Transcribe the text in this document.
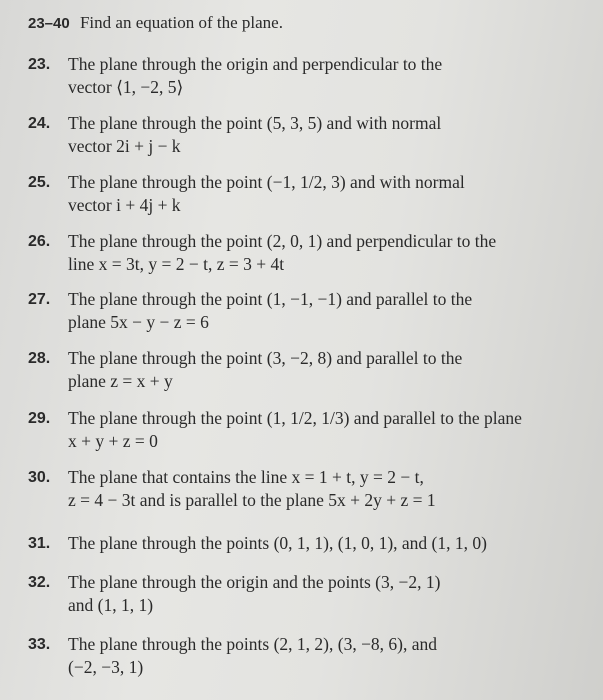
23–40 Find an equation of the plane.
23. The plane through the origin and perpendicular to the
vector ⟨1, −2, 5⟩
24. The plane through the point (5, 3, 5) and with normal
vector 2i + j − k
25. The plane through the point (−1, 1/2, 3) and with normal
vector i + 4j + k
26. The plane through the point (2, 0, 1) and perpendicular to the
line x = 3t, y = 2 − t, z = 3 + 4t
27. The plane through the point (1, −1, −1) and parallel to the
plane 5x − y − z = 6
28. The plane through the point (3, −2, 8) and parallel to the
plane z = x + y
29. The plane through the point (1, 1/2, 1/3) and parallel to the plane
x + y + z = 0
30. The plane that contains the line x = 1 + t, y = 2 − t,
z = 4 − 3t and is parallel to the plane 5x + 2y + z = 1
31. The plane through the points (0, 1, 1), (1, 0, 1), and (1, 1, 0)
32. The plane through the origin and the points (3, −2, 1)
and (1, 1, 1)
33. The plane through the points (2, 1, 2), (3, −8, 6), and
(−2, −3, 1)
